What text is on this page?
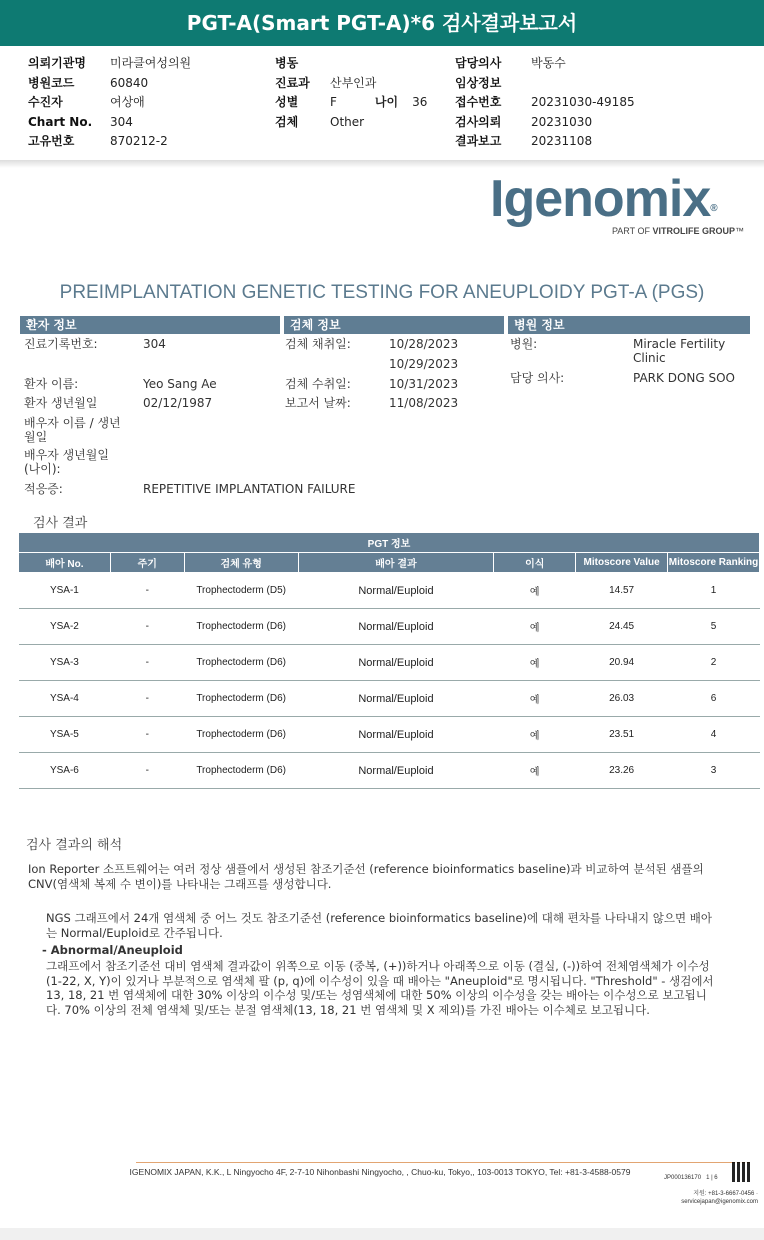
PGT-A(Smart PGT-A)*6 검사결과보고서
의뢰기관명 미라클여성의원
병원코드	60840
수진자	여상애
Chart No. 304
고유번호	870212-2
병동
진료과 산부인과
성별	F	나이 36
검체	Other
담당의사 박동수
임상정보
접수번호 20231030-49185
검사의뢰 20231030
결과보고 20231108
Igenomix®
PART OF VITROLIFE GROUP™
PREIMPLANTATION GENETIC TESTING FOR ANEUPLOIDY PGT-A (PGS)
환자 정보	검체 정보	병원 정보
진료기록번호:	304
환자 이름:	Yeo Sang Ae
환자 생년월일	02/12/1987
배우자 이름 / 생년월일
배우자 생년월일 (나이):
적응증:	REPETITIVE IMPLANTATION FAILURE
검체 채취일:	10/28/2023
10/29/2023
검체 수취일:	10/31/2023
보고서 날짜:	11/08/2023
병원:	Miracle Fertility Clinic
담당 의사:	PARK DONG SOO
검사 결과
PGT 정보						
배아 No.	주기	검체 유형	배아 결과	이식	Mitoscore Value	Mitoscore Ranking
YSA-1	-	Trophectoderm (D5)	Normal/Euploid	예	14.57	1
YSA-2	-	Trophectoderm (D6)	Normal/Euploid	예	24.45	5
YSA-3	-	Trophectoderm (D6)	Normal/Euploid	예	20.94	2
YSA-4	-	Trophectoderm (D6)	Normal/Euploid	예	26.03	6
YSA-5	-	Trophectoderm (D6)	Normal/Euploid	예	23.51	4
YSA-6	-	Trophectoderm (D6)	Normal/Euploid	예	23.26	3
검사 결과의 해석
Ion Reporter 소프트웨어는 여러 정상 샘플에서 생성된 참조기준선 (reference bioinformatics baseline)과 비교하여 분석된 샘플의 CNV(염색체 복제 수 변이)를 나타내는 그래프를 생성합니다.
NGS 그래프에서 24개 염색체 중 어느 것도 참조기준선 (reference bioinformatics baseline)에 대해 편차를 나타내지 않으면 배아는 Normal/Euploid로 간주됩니다.
- Abnormal/Aneuploid
그래프에서 참조기준선 대비 염색체 결과값이 위쪽으로 이동 (중복, (+))하거나 아래쪽으로 이동 (결실, (-))하여 전체염색체가 이수성 (1-22, X, Y)이 있거나 부분적으로 염색체 팔 (p, q)에 이수성이 있을 때 배아는 "Aneuploid"로 명시됩니다. "Threshold" - 생검에서 13, 18, 21 번 염색체에 대한 30% 이상의 이수성 및/또는 성염색체에 대한 50% 이상의 이수성을 갖는 배아는 이수성으로 보고됩니다. 70% 이상의 전체 염색체 및/또는 분절 염색체(13, 18, 21 번 염색체 및 X 제외)를 가진 배아는 이수체로 보고됩니다.
IGENOMIX JAPAN, K.K., L Ningyocho 4F, 2-7-10 Nihonbashi Ningyocho, , Chuo-ku, Tokyo,, 103-0013 TOKYO, Tel: +81-3-4588-0579
JP000136170 1 | 6
지원: +81-3-6667-0456 ·
servicejapan@igenomix.com
